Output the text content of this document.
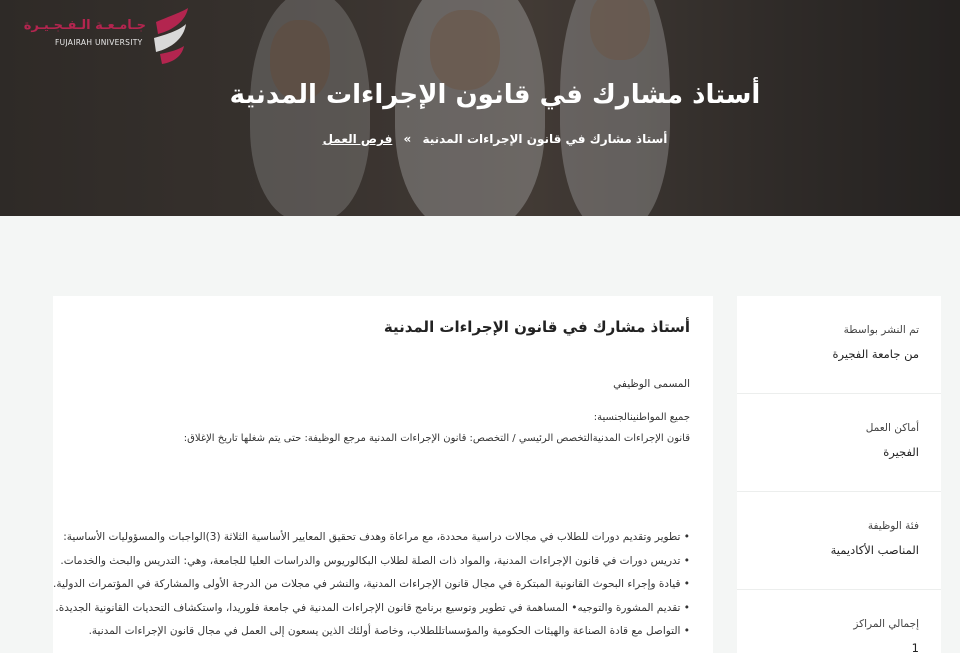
جـامـعـة الـفـجـيـرة
FUJAIRAH UNIVERSITY
أستاذ مشارك في قانون الإجراءات المدنية
أستاذ مشارك في قانون الإجراءات المدنية » فرص العمل
أستاذ مشارك في قانون الإجراءات المدنية
المسمى الوظيفي
جميع المواطنينالجنسية:
قانون الإجراءات المدنيةالتخصص الرئيسي / التخصص: قانون الإجراءات المدنية مرجع الوظيفة: حتى يتم شغلها تاريخ الإغلاق:
• تطوير وتقديم دورات للطلاب في مجالات دراسية محددة، مع مراعاة وهدف تحقيق المعايير الأساسية الثلاثة (3)الواجبات والمسؤوليات الأساسية:
• تدريس دورات في قانون الإجراءات المدنية، والمواد ذات الصلة لطلاب البكالوريوس والدراسات العليا للجامعة، وهي: التدريس والبحث والخدمات.
• قيادة وإجراء البحوث القانونية المبتكرة في مجال قانون الإجراءات المدنية، والنشر في مجلات من الدرجة الأولى والمشاركة في المؤتمرات الدولية.
• تقديم المشورة والتوجيه• المساهمة في تطوير وتوسيع برنامج قانون الإجراءات المدنية في جامعة فلوريدا، واستكشاف التحديات القانونية الجديدة.
• التواصل مع قادة الصناعة والهيئات الحكومية والمؤسساتللطلاب، وخاصة أولئك الذين يسعون إلى العمل في مجال قانون الإجراءات المدنية.
تم النشر بواسطة
من جامعة الفجيرة
أماكن العمل
الفجيرة
فئة الوظيفة
المناصب الأكاديمية
إجمالي المراكز
1
